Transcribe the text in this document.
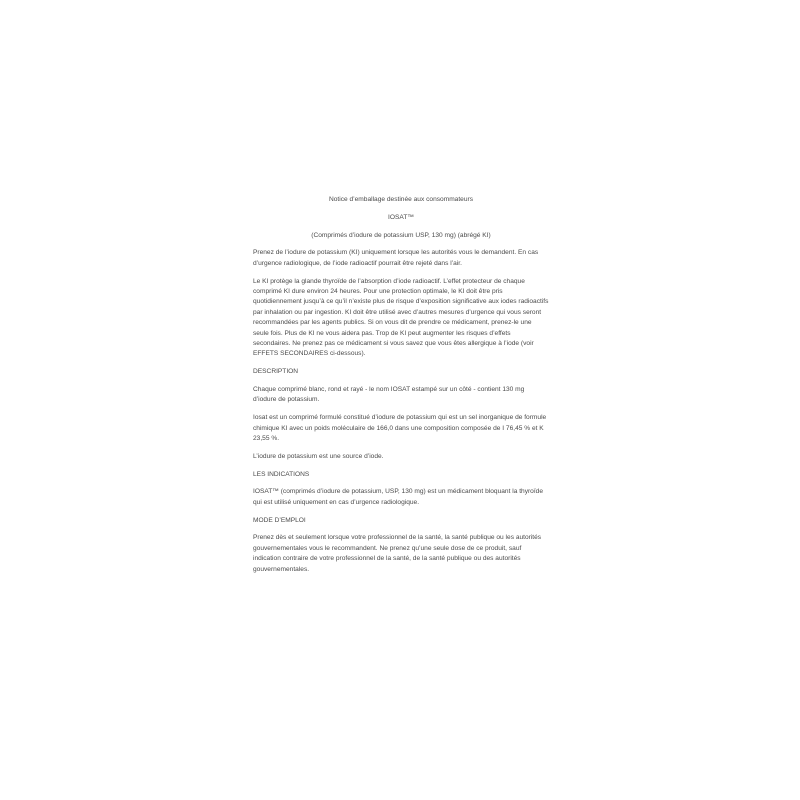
Notice d’emballage destinée aux consommateurs

IOSAT™

(Comprimés d’iodure de potassium USP, 130 mg) (abrégé KI)

Prenez de l’iodure de potassium (KI) uniquement lorsque les autorités vous le demandent. En cas d’urgence radiologique, de l’iode radioactif pourrait être rejeté dans l’air.

Le KI protège la glande thyroïde de l’absorption d’iode radioactif. L’effet protecteur de chaque comprimé KI dure environ 24 heures. Pour une protection optimale, le KI doit être pris quotidiennement jusqu’à ce qu’il n’existe plus de risque d’exposition significative aux iodes radioactifs par inhalation ou par ingestion. KI doit être utilisé avec d’autres mesures d’urgence qui vous seront recommandées par les agents publics. Si on vous dit de prendre ce médicament, prenez-le une seule fois. Plus de KI ne vous aidera pas. Trop de KI peut augmenter les risques d’effets secondaires. Ne prenez pas ce médicament si vous savez que vous êtes allergique à l’iode (voir EFFETS SECONDAIRES ci-dessous).

DESCRIPTION

Chaque comprimé blanc, rond et rayé - le nom IOSAT estampé sur un côté - contient 130 mg d’iodure de potassium.

Iosat est un comprimé formulé constitué d’iodure de potassium qui est un sel inorganique de formule chimique KI avec un poids moléculaire de 166,0 dans une composition composée de I 76,45 % et K 23,55 %.

L’iodure de potassium est une source d’iode.

LES INDICATIONS

IOSAT™ (comprimés d’iodure de potassium, USP, 130 mg) est un médicament bloquant la thyroïde qui est utilisé uniquement en cas d’urgence radiologique.

MODE D’EMPLOI

Prenez dès et seulement lorsque votre professionnel de la santé, la santé publique ou les autorités gouvernementales vous le recommandent. Ne prenez qu’une seule dose de ce produit, sauf indication contraire de votre professionnel de la santé, de la santé publique ou des autorités gouvernementales.
